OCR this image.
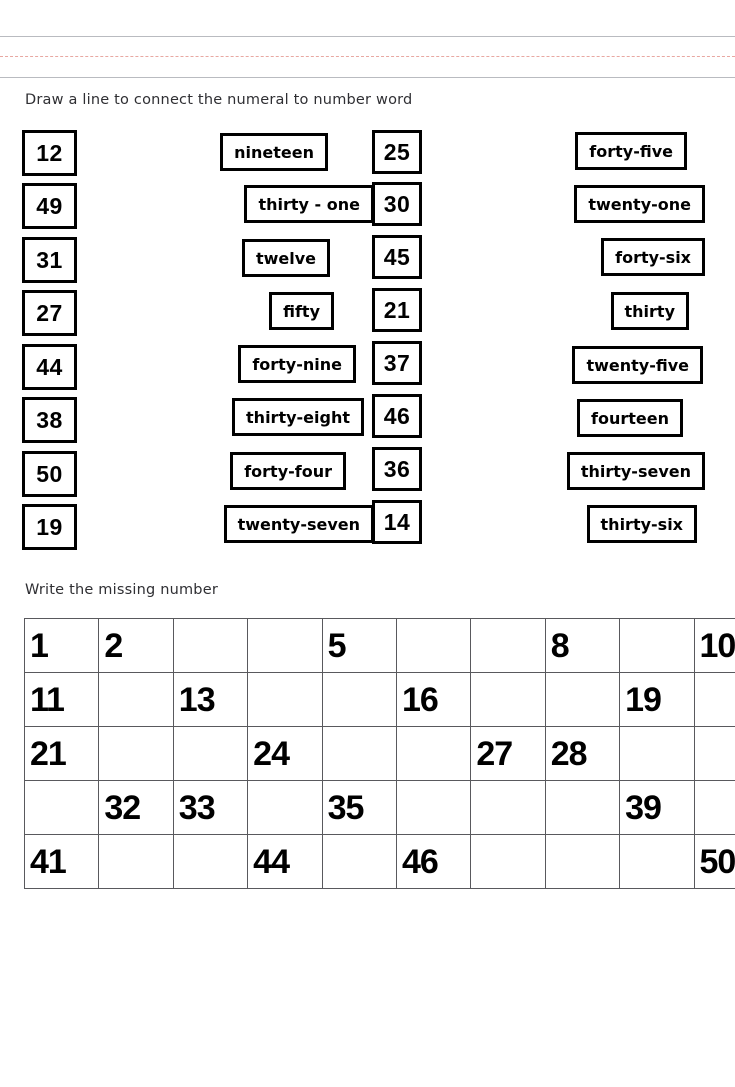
Draw a line to connect the numeral to number word
12
49
31
27
44
38
50
19
nineteen
thirty - one
twelve
fifty
forty-nine
thirty-eight
forty-four
twenty-seven
25
30
45
21
37
46
36
14
forty-five
twenty-one
forty-six
thirty
twenty-five
fourteen
thirty-seven
thirty-six
Write the missing number
1	2			5			8		10
11		13			16			19	
21			24			27	28		
	32	33		35				39	
41			44		46				50
